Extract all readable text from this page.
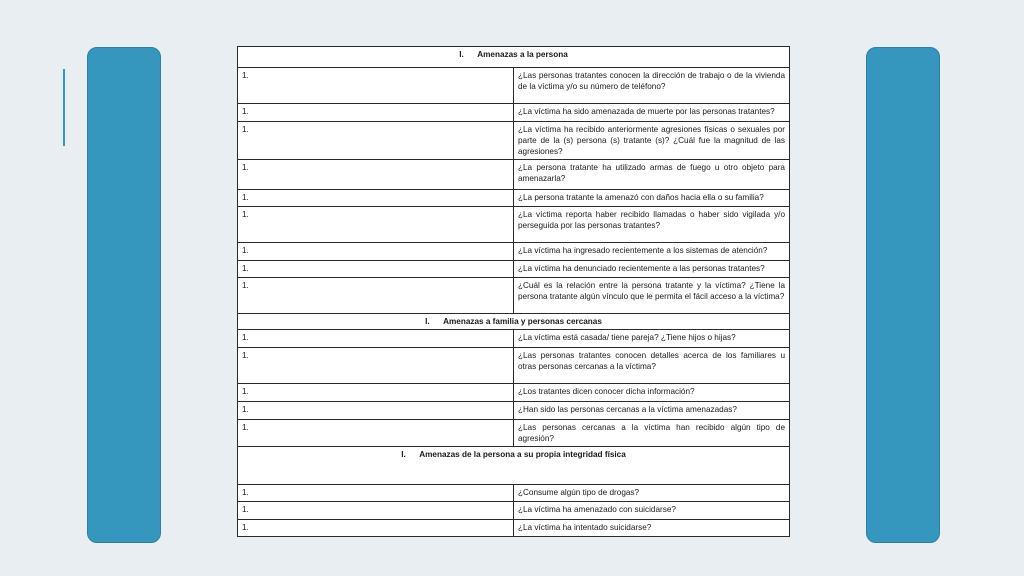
I. Amenazas a la persona	
1.	¿Las personas tratantes conocen la dirección de trabajo o de la vivienda de la víctima y/o su número de teléfono?
1.	¿La víctima ha sido amenazada de muerte por las personas tratantes?
1.	¿La víctima ha recibido anteriormente agresiones físicas o sexuales por parte de la (s) persona (s) tratante (s)? ¿Cuál fue la magnitud de las agresiones?
1.	¿La persona tratante ha utilizado armas de fuego u otro objeto para amenazarla?
1.	¿La persona tratante la amenazó con daños hacia ella o su familia?
1.	¿La víctima reporta haber recibido llamadas o haber sido vigilada y/o perseguida por las personas tratantes?
1.	¿La víctima ha ingresado recientemente a los sistemas de atención?
1.	¿La víctima ha denunciado recientemente a las personas tratantes?
1.	¿Cuál es la relación entre la persona tratante y la víctima? ¿Tiene la persona tratante algún vínculo que le permita el fácil acceso a la víctima?
I. Amenazas a familia y personas cercanas	
1.	¿La víctima está casada/ tiene pareja? ¿Tiene hijos o hijas?
1.	¿Las personas tratantes conocen detalles acerca de los familiares u otras personas cercanas a la víctima?
1.	¿Los tratantes dicen conocer dicha información?
1.	¿Han sido las personas cercanas a la víctima amenazadas?
1.	¿Las personas cercanas a la víctima han recibido algún tipo de agresión?
I. Amenazas de la persona a su propia integridad física	
1.	¿Consume algún tipo de drogas?
1.	¿La víctima ha amenazado con suicidarse?
1.	¿La víctima ha intentado suicidarse?
